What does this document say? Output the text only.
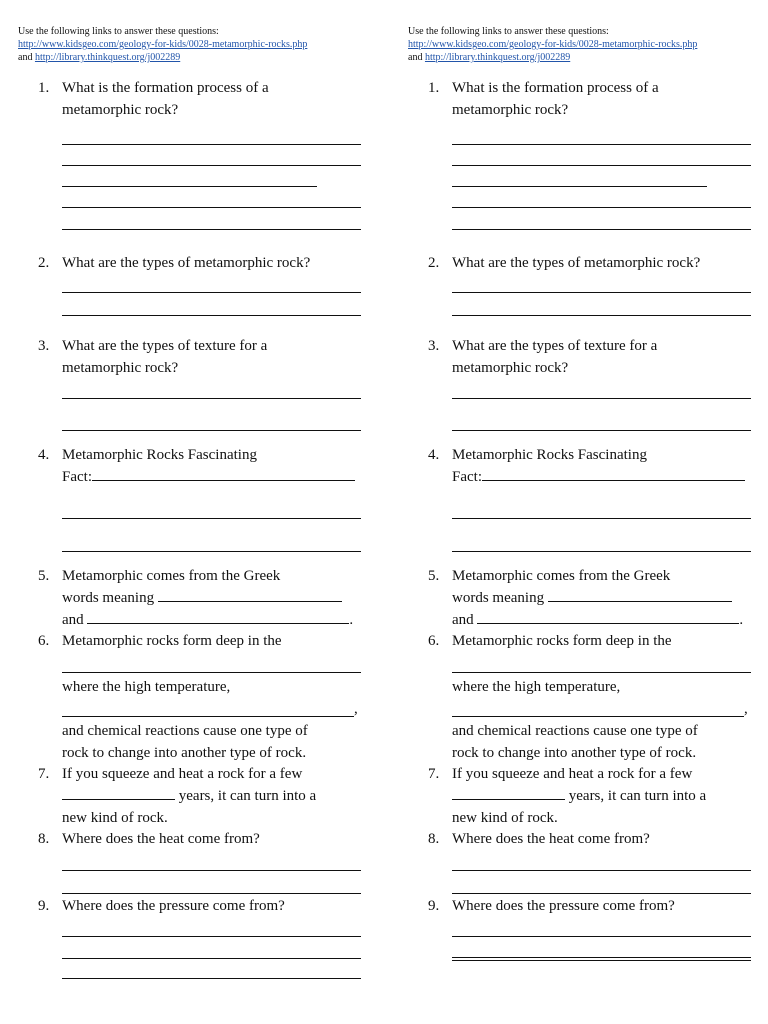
Use the following links to answer these questions:
http://www.kidsgeo.com/geology-for-kids/0028-metamorphic-rocks.php
and http://library.thinkquest.org/j002289
1. What is the formation process of a
metamorphic rock?
2. What are the types of metamorphic rock?
3. What are the types of texture for a
metamorphic rock?
4. Metamorphic Rocks Fascinating
Fact:
5. Metamorphic comes from the Greek
words meaning
and	.
6. Metamorphic rocks form deep in the
where the high temperature,
,
and chemical reactions cause one type of
rock to change into another type of rock.
7. If you squeeze and heat a rock for a few
years, it can turn into a
new kind of rock.
8. Where does the heat come from?
9. Where does the pressure come from?
Use the following links to answer these questions:
http://www.kidsgeo.com/geology-for-kids/0028-metamorphic-rocks.php
and http://library.thinkquest.org/j002289
1. What is the formation process of a
metamorphic rock?
2. What are the types of metamorphic rock?
3. What are the types of texture for a
metamorphic rock?
4. Metamorphic Rocks Fascinating
Fact:
5. Metamorphic comes from the Greek
words meaning
and	.
6. Metamorphic rocks form deep in the
where the high temperature,
,
and chemical reactions cause one type of
rock to change into another type of rock.
7. If you squeeze and heat a rock for a few
years, it can turn into a
new kind of rock.
8. Where does the heat come from?
9. Where does the pressure come from?
